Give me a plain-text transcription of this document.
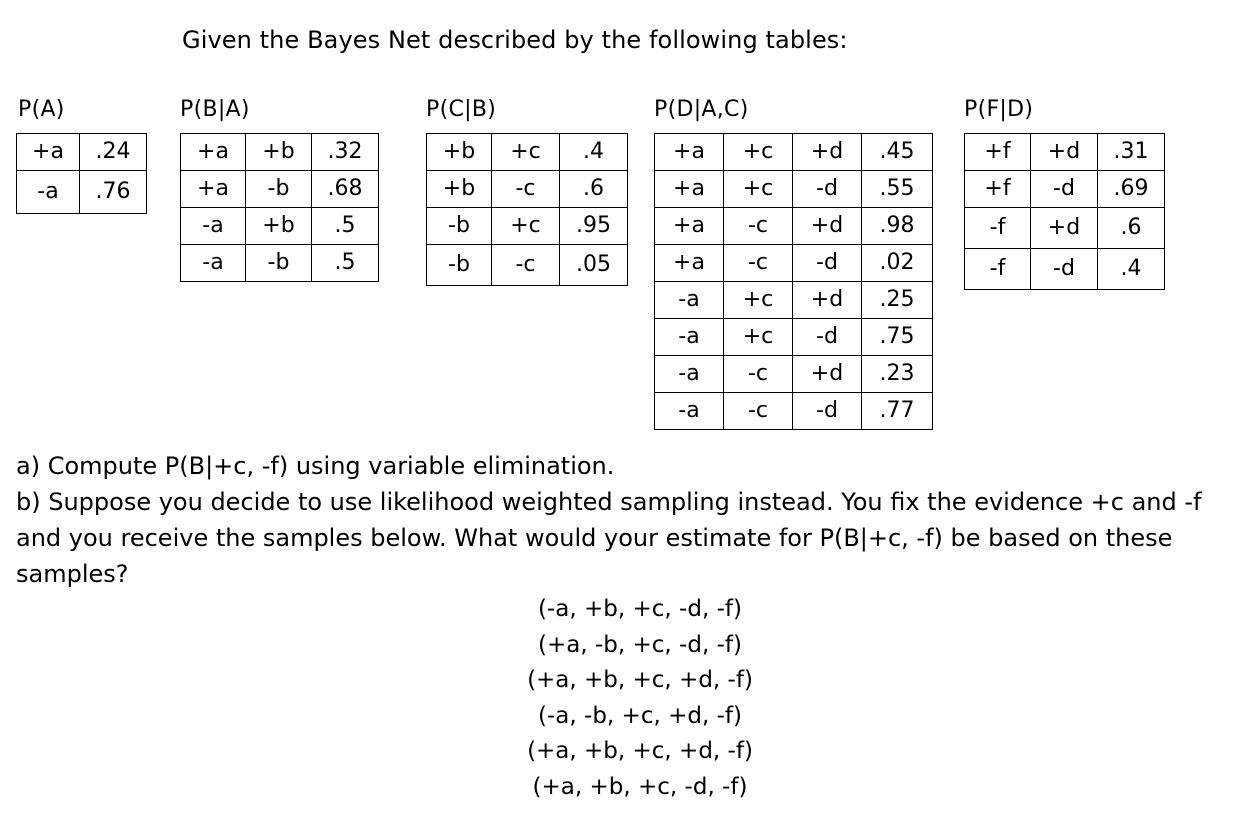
Given the Bayes Net described by the following tables:
P(A)
+a	.24
-a	.76
P(B|A)
+a	+b	.32
+a	-b	.68
-a	+b	.5
-a	-b	.5
P(C|B)
+b	+c	.4
+b	-c	.6
-b	+c	.95
-b	-c	.05
P(D|A,C)
+a	+c	+d	.45
+a	+c	-d	.55
+a	-c	+d	.98
+a	-c	-d	.02
-a	+c	+d	.25
-a	+c	-d	.75
-a	-c	+d	.23
-a	-c	-d	.77
P(F|D)
+f	+d	.31
+f	-d	.69
-f	+d	.6
-f	-d	.4
a) Compute P(B|+c, -f) using variable elimination.
b) Suppose you decide to use likelihood weighted sampling instead. You fix the evidence +c and -f and you receive the samples below. What would your estimate for P(B|+c, -f) be based on these samples?
(-a, +b, +c, -d, -f)
(+a, -b, +c, -d, -f)
(+a, +b, +c, +d, -f)
(-a, -b, +c, +d, -f)
(+a, +b, +c, +d, -f)
(+a, +b, +c, -d, -f)
